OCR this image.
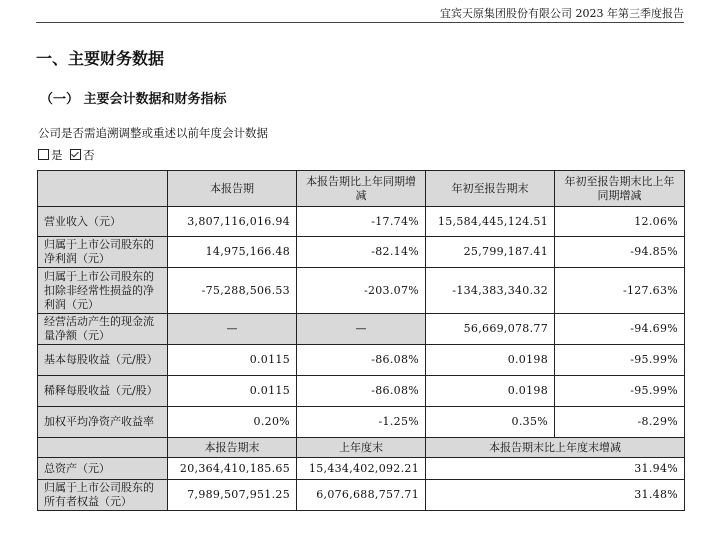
宜宾天原集团股份有限公司 2023 年第三季度报告
一、主要财务数据
（一） 主要会计数据和财务指标
公司是否需追溯调整或重述以前年度会计数据
是 否
	本报告期	本报告期比上年同期增减	年初至报告期末	年初至报告期末比上年同期增减
营业收入（元）	3,807,116,016.94	-17.74%	15,584,445,124.51	12.06%
归属于上市公司股东的净利润（元）	14,975,166.48	-82.14%	25,799,187.41	-94.85%
归属于上市公司股东的扣除非经常性损益的净利润（元）	-75,288,506.53	-203.07%	-134,383,340.32	-127.63%
经营活动产生的现金流量净额（元）	—	—	56,669,078.77	-94.69%
基本每股收益（元/股）	0.0115	-86.08%	0.0198	-95.99%
稀释每股收益（元/股）	0.0115	-86.08%	0.0198	-95.99%
加权平均净资产收益率	0.20%	-1.25%	0.35%	-8.29%
	本报告期末	上年度末	本报告期末比上年度末增减	
总资产（元）	20,364,410,185.65	15,434,402,092.21	31.94%	
归属于上市公司股东的所有者权益（元）	7,989,507,951.25	6,076,688,757.71	31.48%	
